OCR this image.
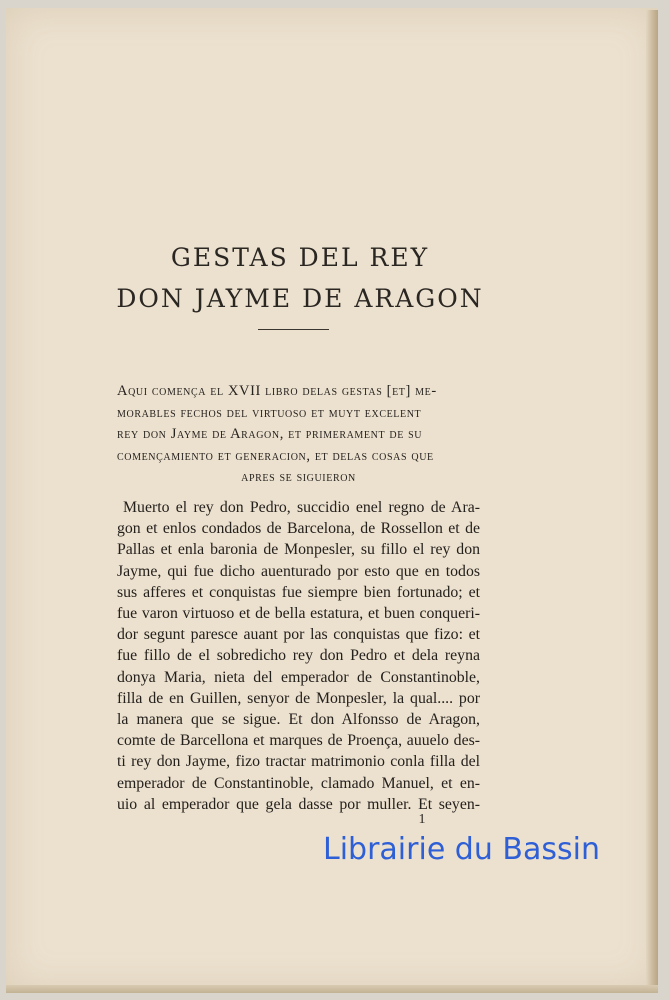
GESTAS DEL REY
DON JAYME DE ARAGON
Aqui començа el XVII libro delas gestas [et] me-
morables fechos del virtuoso et muyt excelent
rey don Jayme de Aragon, et primerament de su
començamiento et generacion, et delas cosas que
apres se siguieron
Muerto el rey don Pedro, succidio enel regno de Ara-
gon et enlos condados de Barcelona, de Rossellon et de
Pallas et enla baronia de Monpesler, su fillo el rey don
Jayme, qui fue dicho auenturado por esto que en todos
sus afferes et conquistas fue siempre bien fortunado; et
fue varon virtuoso et de bella estatura, et buen conqueri-
dor segunt paresce auant por las conquistas que fizo: et
fue fillo de el sobredicho rey don Pedro et dela reyna
donya Maria, nieta del emperador de Constantinoble,
filla de en Guillen, senyor de Monpesler, la qual.... por
la manera que se sigue. Et don Alfonsso de Aragon,
comte de Barcellona et marques de Proença, auuelo des-
ti rey don Jayme, fizo tractar matrimonio conla filla del
emperador de Constantinoble, clamado Manuel, et en-
uio al emperador que gela dasse por muller. Et seyen-
1
Librairie du Bassin
